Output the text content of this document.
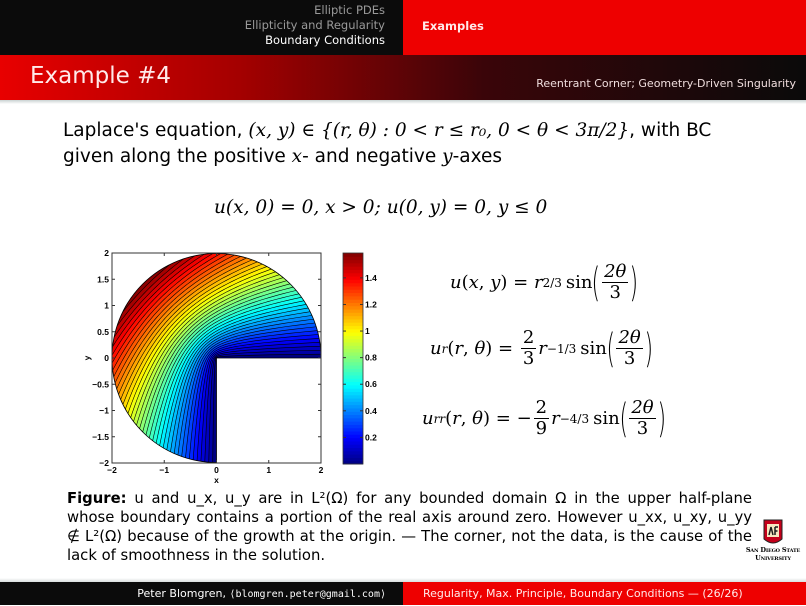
Elliptic PDEs
Ellipticity and Regularity
Boundary Conditions
Examples
Example #4	Reentrant Corner; Geometry-Driven Singularity
Laplace's equation, (x, y) ∈ {(r, θ) : 0 < r ≤ r₀, 0 < θ < 3π/2}, with BC
given along the positive x- and negative y-axes
u(x, 0) = 0, x > 0; u(0, y) = 0, y ≤ 0
−2	−1	0	1	2
2
1.5
1
0.5
0
−0.5
−1
−1.5
−2
x
y
1.4
1.2
1
0.8
0.6
0.4
0.2
u ( x , y ) = r 2/3 sin ( $\frac{2\theta}{3}$ )
u r ( r , θ ) = $\frac{2}{3}$ r −1/3 sin ( $\frac{2\theta}{3}$ )
u rr ( r , θ ) = − $\frac{2}{9}$ r −4/3 sin ( $\frac{2\theta}{3}$ )
Figure: u and u_x, u_y are in L²(Ω) for any bounded domain Ω in the upper half-plane whose boundary contains a portion of the real axis around zero. However u_xx, u_xy, u_yy ∉ L²(Ω) because of the growth at the origin. — The corner, not the data, is the cause of the lack of smoothness in the solution.	San Diego State
University
Peter Blomgren, ⟨blomgren.peter@gmail.com⟩	Regularity, Max. Principle, Boundary Conditions — (26/26)
